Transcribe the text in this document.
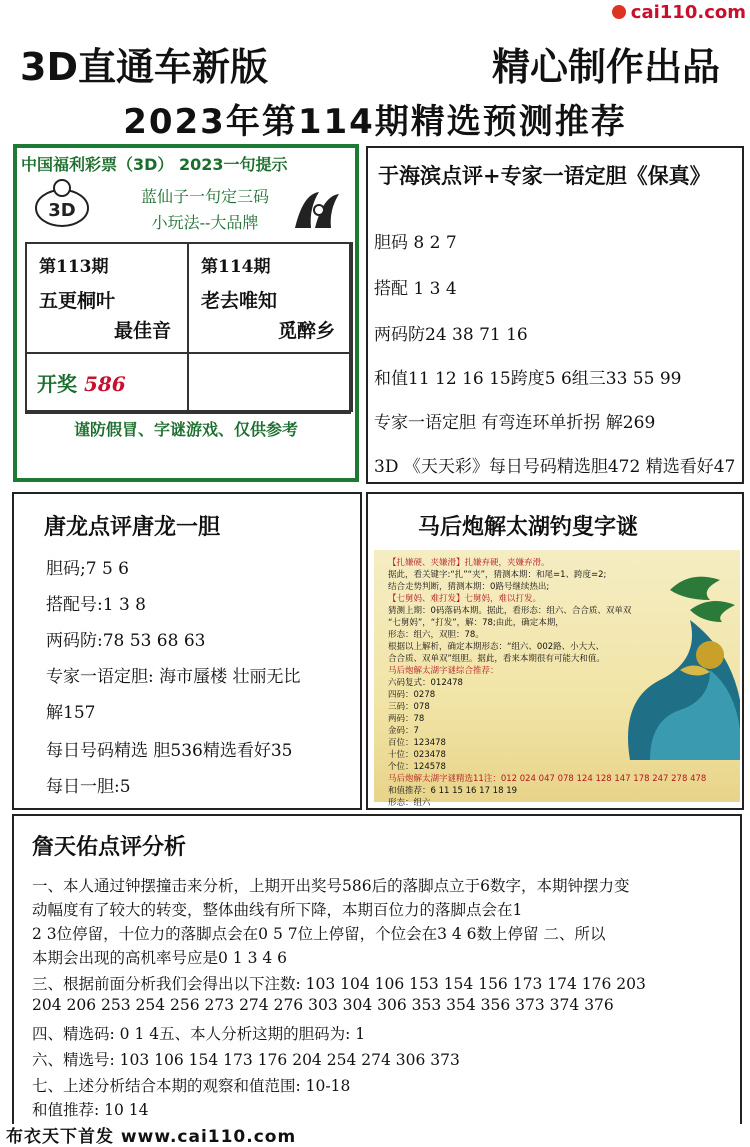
cai110.com
3D直通车新版	精心制作出品
2023年第114期精选预测推荐
中国福利彩票（3D） 2023一句提示
3D
蓝仙子一句定三码
小玩法--大品牌
第113期
五更桐叶
最佳音
第114期
老去唯知
觅醉乡
开奖 586
谨防假冒、字谜游戏、仅供参考
于海滨点评+专家一语定胆《保真》
胆码 8 2 7
搭配 1 3 4
两码防24 38 71 16
和值11 12 16 15跨度5 6组三33 55 99
专家一语定胆 有弯连环单折拐 解269
3D 《天天彩》每日号码精选胆472 精选看好47
唐龙点评唐龙一胆
胆码;7 5 6
搭配号:1 3 8
两码防:78 53 68 63
专家一语定胆: 海市蜃楼 壮丽无比
解157
每日号码精选 胆536精选看好35
每日一胆:5
马后炮解太湖钓叟字谜
【扎嫌硬、夹嫌滑】扎嫌弃硬，夹嫌弃滑。
据此，看关键字:“扎”“夹”，猜测本期：和尾=1、跨度=2;
结合走势判断，猜测本期：0路号继续热出;
【七舅妈、难打发】七舅妈，难以打发。
猜测上期：0码落码本期。据此，看形态：组六、合合质、双单双
“七舅妈”，“打发”，解：78;由此，确定本期，
形态：组六，双胆：78。
根据以上解析，确定本期形态：“组六、002路、小大大、
合合质、双单双”组胆。据此，看来本期很有可能大和值。
马后炮解太湖字谜综合推荐：
六码复式：012478
四码：0278
三码：078
两码：78
金码：7
百位：123478
十位：023478
个位：124578
马后炮解太湖字谜精选11注：012 024 047 078 124 128 147 178 247 278 478
和值推荐：6 11 15 16 17 18 19
形态：组六
詹天佑点评分析
一、本人通过钟摆撞击来分析，上期开出奖号586后的落脚点立于6数字，本期钟摆力变
动幅度有了较大的转变，整体曲线有所下降，本期百位力的落脚点会在1
2 3位停留，十位力的落脚点会在0 5 7位上停留，个位会在3 4 6数上停留 二、所以
本期会出现的高机率号应是0 1 3 4 6
三、根据前面分析我们会得出以下注数: 103 104 106 153 154 156 173 174 176 203
204 206 253 254 256 273 274 276 303 304 306 353 354 356 373 374 376
四、精选码: 0 1 4五、本人分析这期的胆码为: 1
六、精选号: 103 106 154 173 176 204 254 274 306 373
七、上述分析结合本期的观察和值范围: 10-18
和值推荐: 10 14
布衣天下首发 www.cai110.com
